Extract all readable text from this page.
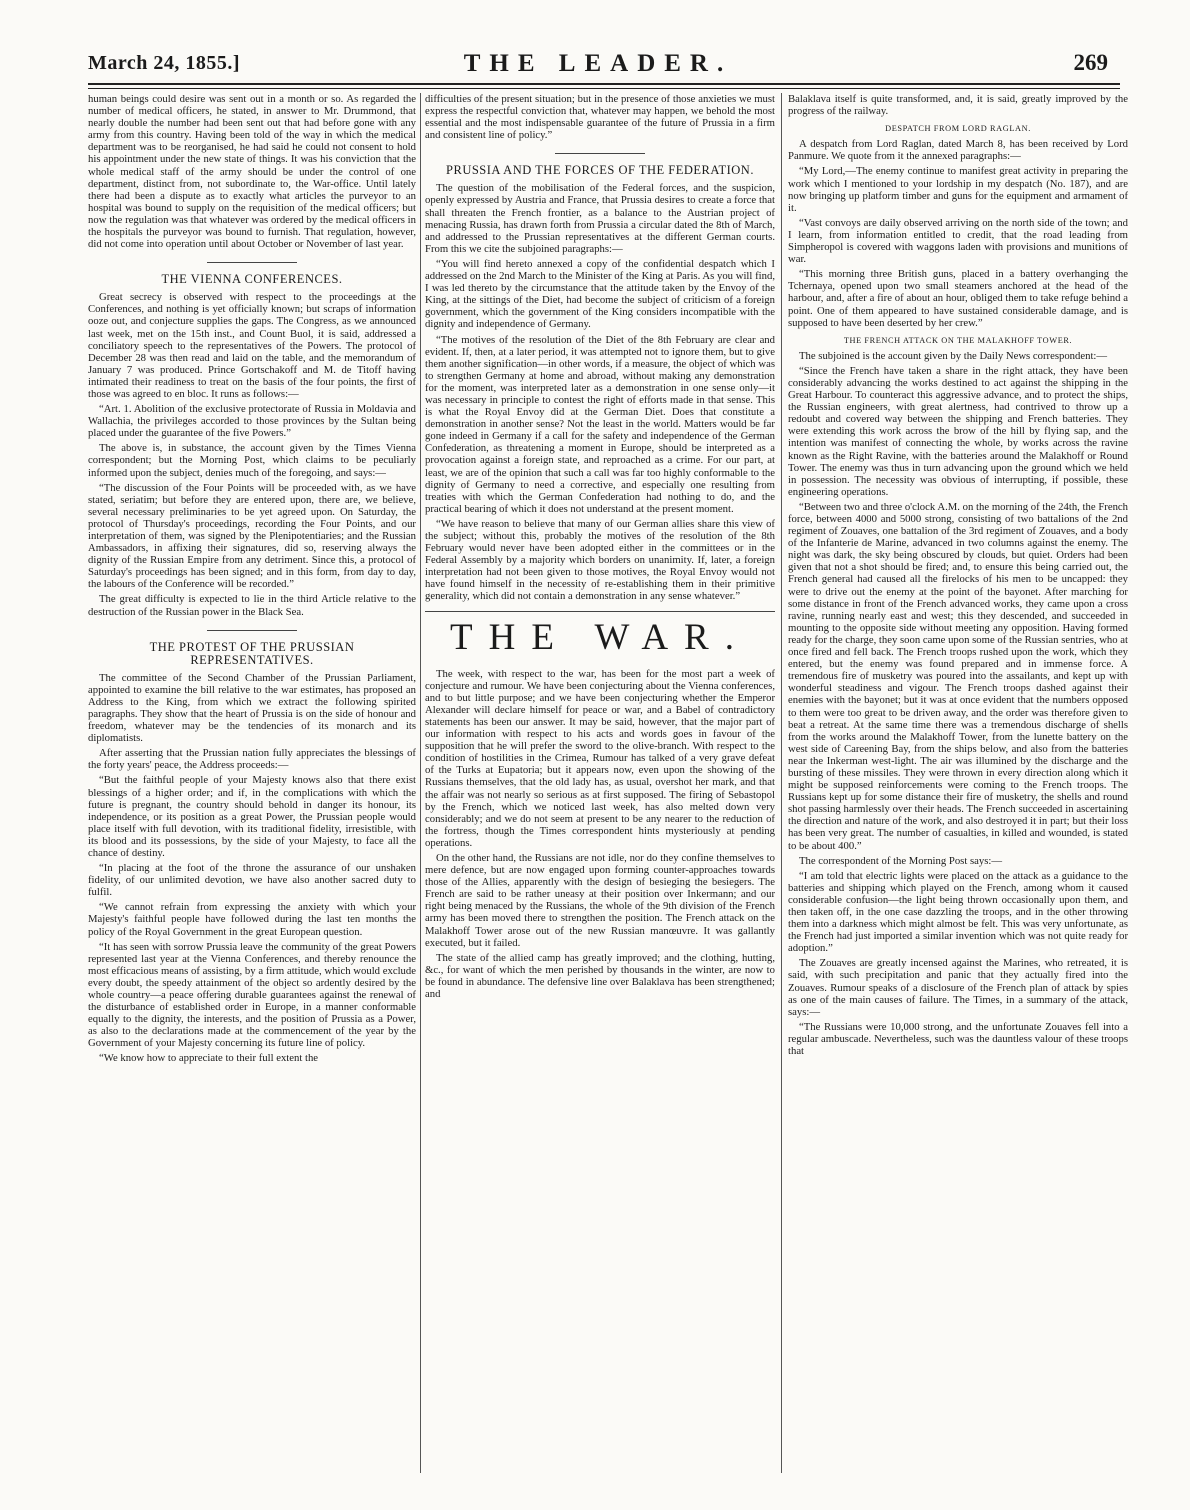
March 24, 1855.]	THE LEADER.	269

human beings could desire was sent out in a month or so. As regarded the number of medical officers, he stated, in answer to Mr. Drummond, that nearly double the number had been sent out that had before gone with any army from this country. Having been told of the way in which the medical department was to be reorganised, he had said he could not consent to hold his appointment under the new state of things. It was his conviction that the whole medical staff of the army should be under the control of one department, distinct from, not subordinate to, the War-office. Until lately there had been a dispute as to exactly what articles the purveyor to an hospital was bound to supply on the requisition of the medical officers; but now the regulation was that whatever was ordered by the medical officers in the hospitals the purveyor was bound to furnish. That regulation, however, did not come into operation until about October or November of last year.

THE VIENNA CONFERENCES.

Great secrecy is observed with respect to the proceedings at the Conferences, and nothing is yet officially known; but scraps of information ooze out, and conjecture supplies the gaps. The Congress, as we announced last week, met on the 15th inst., and Count Buol, it is said, addressed a conciliatory speech to the representatives of the Powers. The protocol of December 28 was then read and laid on the table, and the memorandum of January 7 was produced. Prince Gortschakoff and M. de Titoff having intimated their readiness to treat on the basis of the four points, the first of those was agreed to en bloc. It runs as follows:—

“Art. 1. Abolition of the exclusive protectorate of Russia in Moldavia and Wallachia, the privileges accorded to those provinces by the Sultan being placed under the guarantee of the five Powers.”

The above is, in substance, the account given by the Times Vienna correspondent; but the Morning Post, which claims to be peculiarly informed upon the subject, denies much of the foregoing, and says:—

“The discussion of the Four Points will be proceeded with, as we have stated, seriatim; but before they are entered upon, there are, we believe, several necessary preliminaries to be yet agreed upon. On Saturday, the protocol of Thursday's proceedings, recording the Four Points, and our interpretation of them, was signed by the Plenipotentiaries; and the Russian Ambassadors, in affixing their signatures, did so, reserving always the dignity of the Russian Empire from any detriment. Since this, a protocol of Saturday's proceedings has been signed; and in this form, from day to day, the labours of the Conference will be recorded.”

The great difficulty is expected to lie in the third Article relative to the destruction of the Russian power in the Black Sea.

THE PROTEST OF THE PRUSSIAN REPRESENTATIVES.

The committee of the Second Chamber of the Prussian Parliament, appointed to examine the bill relative to the war estimates, has proposed an Address to the King, from which we extract the following spirited paragraphs. They show that the heart of Prussia is on the side of honour and freedom, whatever may be the tendencies of its monarch and its diplomatists.

After asserting that the Prussian nation fully appreciates the blessings of the forty years' peace, the Address proceeds:—

“But the faithful people of your Majesty knows also that there exist blessings of a higher order; and if, in the complications with which the future is pregnant, the country should behold in danger its honour, its independence, or its position as a great Power, the Prussian people would place itself with full devotion, with its traditional fidelity, irresistible, with its blood and its possessions, by the side of your Majesty, to face all the chance of destiny.

“In placing at the foot of the throne the assurance of our unshaken fidelity, of our unlimited devotion, we have also another sacred duty to fulfil.

“We cannot refrain from expressing the anxiety with which your Majesty's faithful people have followed during the last ten months the policy of the Royal Government in the great European question.

“It has seen with sorrow Prussia leave the community of the great Powers represented last year at the Vienna Conferences, and thereby renounce the most efficacious means of assisting, by a firm attitude, which would exclude every doubt, the speedy attainment of the object so ardently desired by the whole country—a peace offering durable guarantees against the renewal of the disturbance of established order in Europe, in a manner conformable equally to the dignity, the interests, and the position of Prussia as a Power, as also to the declarations made at the commencement of the year by the Government of your Majesty concerning its future line of policy.

“We know how to appreciate to their full extent the

difficulties of the present situation; but in the presence of those anxieties we must express the respectful conviction that, whatever may happen, we behold the most essential and the most indispensable guarantee of the future of Prussia in a firm and consistent line of policy.”

PRUSSIA AND THE FORCES OF THE FEDERATION.

The question of the mobilisation of the Federal forces, and the suspicion, openly expressed by Austria and France, that Prussia desires to create a force that shall threaten the French frontier, as a balance to the Austrian project of menacing Russia, has drawn forth from Prussia a circular dated the 8th of March, and addressed to the Prussian representatives at the different German courts. From this we cite the subjoined paragraphs:—

“You will find hereto annexed a copy of the confidential despatch which I addressed on the 2nd March to the Minister of the King at Paris. As you will find, I was led thereto by the circumstance that the attitude taken by the Envoy of the King, at the sittings of the Diet, had become the subject of criticism of a foreign government, which the government of the King considers incompatible with the dignity and independence of Germany.

“The motives of the resolution of the Diet of the 8th February are clear and evident. If, then, at a later period, it was attempted not to ignore them, but to give them another signification—in other words, if a measure, the object of which was to strengthen Germany at home and abroad, without making any demonstration for the moment, was interpreted later as a demonstration in one sense only—it was necessary in principle to contest the right of efforts made in that sense. This is what the Royal Envoy did at the German Diet. Does that constitute a demonstration in another sense? Not the least in the world. Matters would be far gone indeed in Germany if a call for the safety and independence of the German Confederation, as threatening a moment in Europe, should be interpreted as a provocation against a foreign state, and reproached as a crime. For our part, at least, we are of the opinion that such a call was far too highly conformable to the dignity of Germany to need a corrective, and especially one resulting from treaties with which the German Confederation had nothing to do, and the practical bearing of which it does not understand at the present moment.

“We have reason to believe that many of our German allies share this view of the subject; without this, probably the motives of the resolution of the 8th February would never have been adopted either in the committees or in the Federal Assembly by a majority which borders on unanimity. If, later, a foreign interpretation had not been given to those motives, the Royal Envoy would not have found himself in the necessity of re-establishing them in their primitive generality, which did not contain a demonstration in any sense whatever.”

THE WAR.

The week, with respect to the war, has been for the most part a week of conjecture and rumour. We have been conjecturing about the Vienna conferences, and to but little purpose; and we have been conjecturing whether the Emperor Alexander will declare himself for peace or war, and a Babel of contradictory statements has been our answer. It may be said, however, that the major part of our information with respect to his acts and words goes in favour of the supposition that he will prefer the sword to the olive-branch. With respect to the condition of hostilities in the Crimea, Rumour has talked of a very grave defeat of the Turks at Eupatoria; but it appears now, even upon the showing of the Russians themselves, that the old lady has, as usual, overshot her mark, and that the affair was not nearly so serious as at first supposed. The firing of Sebastopol by the French, which we noticed last week, has also melted down very considerably; and we do not seem at present to be any nearer to the reduction of the fortress, though the Times correspondent hints mysteriously at pending operations.

On the other hand, the Russians are not idle, nor do they confine themselves to mere defence, but are now engaged upon forming counter-approaches towards those of the Allies, apparently with the design of besieging the besiegers. The French are said to be rather uneasy at their position over Inkermann; and our right being menaced by the Russians, the whole of the 9th division of the French army has been moved there to strengthen the position. The French attack on the Malakhoff Tower arose out of the new Russian manœuvre. It was gallantly executed, but it failed.

The state of the allied camp has greatly improved; and the clothing, hutting, &c., for want of which the men perished by thousands in the winter, are now to be found in abundance. The defensive line over Balaklava has been strengthened; and

Balaklava itself is quite transformed, and, it is said, greatly improved by the progress of the railway.

DESPATCH FROM LORD RAGLAN.

A despatch from Lord Raglan, dated March 8, has been received by Lord Panmure. We quote from it the annexed paragraphs:—

“My Lord,—The enemy continue to manifest great activity in preparing the work which I mentioned to your lordship in my despatch (No. 187), and are now bringing up platform timber and guns for the equipment and armament of it.

“Vast convoys are daily observed arriving on the north side of the town; and I learn, from information entitled to credit, that the road leading from Simpheropol is covered with waggons laden with provisions and munitions of war.

“This morning three British guns, placed in a battery overhanging the Tchernaya, opened upon two small steamers anchored at the head of the harbour, and, after a fire of about an hour, obliged them to take refuge behind a point. One of them appeared to have sustained considerable damage, and is supposed to have been deserted by her crew.”

THE FRENCH ATTACK ON THE MALAKHOFF TOWER.

The subjoined is the account given by the Daily News correspondent:—

“Since the French have taken a share in the right attack, they have been considerably advancing the works destined to act against the shipping in the Great Harbour. To counteract this aggressive advance, and to protect the ships, the Russian engineers, with great alertness, had contrived to throw up a redoubt and covered way between the shipping and French batteries. They were extending this work across the brow of the hill by flying sap, and the intention was manifest of connecting the whole, by works across the ravine known as the Right Ravine, with the batteries around the Malakhoff or Round Tower. The enemy was thus in turn advancing upon the ground which we held in possession. The necessity was obvious of interrupting, if possible, these engineering operations.

“Between two and three o'clock A.M. on the morning of the 24th, the French force, between 4000 and 5000 strong, consisting of two battalions of the 2nd regiment of Zouaves, one battalion of the 3rd regiment of Zouaves, and a body of the Infanterie de Marine, advanced in two columns against the enemy. The night was dark, the sky being obscured by clouds, but quiet. Orders had been given that not a shot should be fired; and, to ensure this being carried out, the French general had caused all the firelocks of his men to be uncapped: they were to drive out the enemy at the point of the bayonet. After marching for some distance in front of the French advanced works, they came upon a cross ravine, running nearly east and west; this they descended, and succeeded in mounting to the opposite side without meeting any opposition. Having formed ready for the charge, they soon came upon some of the Russian sentries, who at once fired and fell back. The French troops rushed upon the work, which they entered, but the enemy was found prepared and in immense force. A tremendous fire of musketry was poured into the assailants, and kept up with wonderful steadiness and vigour. The French troops dashed against their enemies with the bayonet; but it was at once evident that the numbers opposed to them were too great to be driven away, and the order was therefore given to beat a retreat. At the same time there was a tremendous discharge of shells from the works around the Malakhoff Tower, from the lunette battery on the west side of Careening Bay, from the ships below, and also from the batteries near the Inkerman west-light. The air was illumined by the discharge and the bursting of these missiles. They were thrown in every direction along which it might be supposed reinforcements were coming to the French troops. The Russians kept up for some distance their fire of musketry, the shells and round shot passing harmlessly over their heads. The French succeeded in ascertaining the direction and nature of the work, and also destroyed it in part; but their loss has been very great. The number of casualties, in killed and wounded, is stated to be about 400.”

The correspondent of the Morning Post says:—

“I am told that electric lights were placed on the attack as a guidance to the batteries and shipping which played on the French, among whom it caused considerable confusion—the light being thrown occasionally upon them, and then taken off, in the one case dazzling the troops, and in the other throwing them into a darkness which might almost be felt. This was very unfortunate, as the French had just imported a similar invention which was not quite ready for adoption.”

The Zouaves are greatly incensed against the Marines, who retreated, it is said, with such precipitation and panic that they actually fired into the Zouaves. Rumour speaks of a disclosure of the French plan of attack by spies as one of the main causes of failure. The Times, in a summary of the attack, says:—

“The Russians were 10,000 strong, and the unfortunate Zouaves fell into a regular ambuscade. Nevertheless, such was the dauntless valour of these troops that
